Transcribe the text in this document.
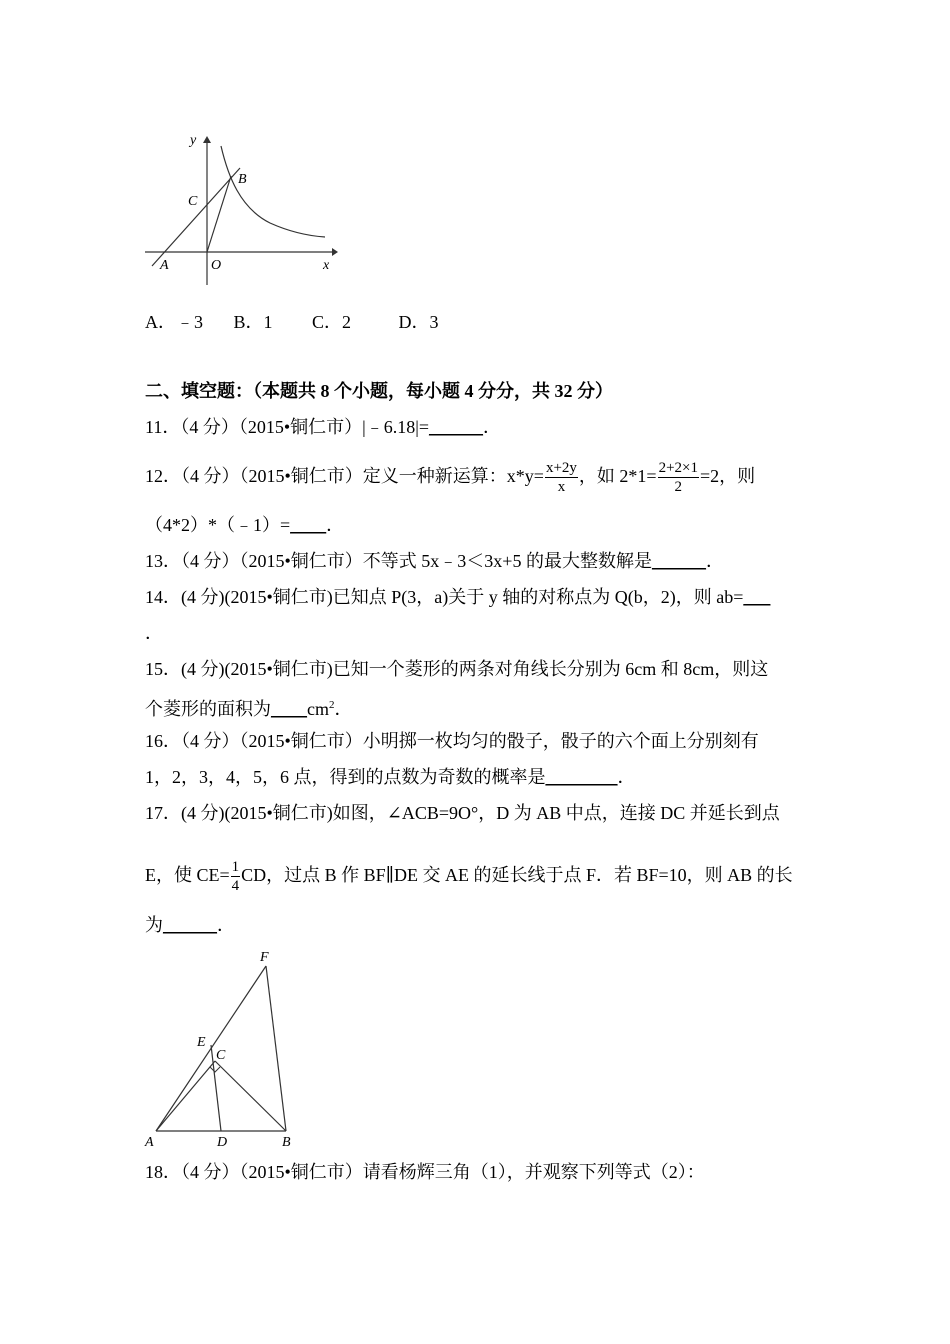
y
x
O
A
B
C
A．﹣3 B．1 C．2	D．3
二、填空题：（本题共 8 个小题，每小题 4 分分，共 32 分）
11．（4 分）（2015•铜仁市）|﹣6.18|=______．
12．（4 分）（2015•铜仁市）定义一种新运算：$x*y= \frac{x+2y}{x}$ ，如 $2*1= \frac{2+2\times 1}{2} =2$，则
（4*2）*（﹣1）=____．
13．（4 分）（2015•铜仁市）不等式 5x﹣3＜3x+5 的最大整数解是______．
14．(4 分)(2015•铜仁市)已知点 P(3，a)关于 y 轴的对称点为 Q(b，2)，则 ab=___
．
15．(4 分)(2015•铜仁市)已知一个菱形的两条对角线长分别为 6cm 和 8cm，则这
个菱形的面积为$\_\_\_\_cm^2$．
16．（4 分）（2015•铜仁市）小明掷一枚均匀的骰子，骰子的六个面上分别刻有
1，2，3，4，5，6 点，得到的点数为奇数的概率是________．
17．(4 分)(2015•铜仁市)如图，∠ACB=9O°，D 为 AB 中点，连接 DC 并延长到点
E，使 $CE= \frac{1}{4}$ CD，过点 B 作 BF∥DE 交 AE 的延长线于点 F．若 BF=10，则 AB 的长
为______．
F
E
C
A	D	B
18．（4 分）（2015•铜仁市）请看杨辉三角（1），并观察下列等式（2）：
